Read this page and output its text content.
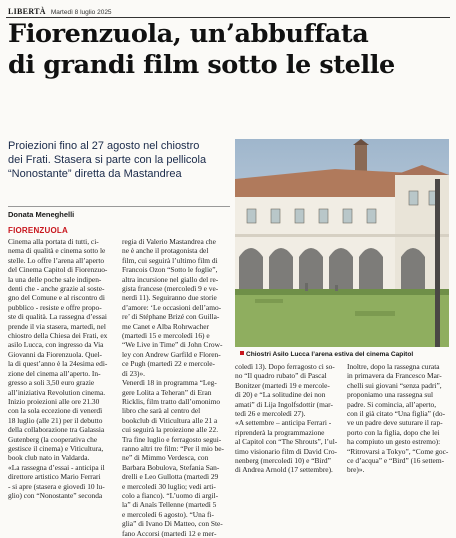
LIBERTÀ Martedì 8 luglio 2025
Fiorenzuola, un’abbuffata
di grandi film sotto le stelle
Proiezioni fino al 27 agosto nel chiostro
dei Frati. Stasera si parte con la pellicola
“Nonostante” diretta da Mastandrea
Donata Meneghelli
FIORENZUOLA
Cinema alla portata di tutti, ci-
nema di qualità e cinema sotto le
stelle. Lo offre l’arena all’aperto
del Cinema Capitol di Fiorenzuo-
la una delle poche sale indipen-
denti che - anche grazie al soste-
gno del Comune e al riscontro di
pubblico - resiste e offre propo-
ste di qualità. La rassegna d’essai
prende il via stasera, martedì, nel
chiostro della Chiesa dei Frati, ex
asilo Lucca, con ingresso da Via
Giovanni da Fiorenzuola. Quel-
la di quest’anno è la 24esima edi-
zione del cinema all’aperto. In-
gresso a soli 3,50 euro grazie
all’iniziativa Revolution cinema.
Inizio proiezioni alle ore 21.30
con la sola eccezione di venerdì
18 luglio (alle 21) per il debutto
della collaborazione tra Galassia
Gutenberg (la cooperativa che
gestisce il cinema) e Viticultura,
book club nato in Valdarda.
«La rassegna d’essai - anticipa il
direttore artistico Mario Ferrari
- si apre (stasera e giovedì 10 lu-
glio) con “Nonostante” seconda
Chiostri Asilo Lucca l’arena estiva del cinema Capitol
regia di Valerio Mastandrea che
ne è anche il protagonista del
film, cui seguirà l’ultimo film di
Francois Ozon “Sotto le foglie”,
altra incursione nel giallo del re-
gista francese (mercoledì 9 e ve-
nerdì 11). Seguiranno due storie
d’amore: ‘Le occasioni dell’amo-
re’ di Stéphane Brizé con Guilla-
me Canet e Alba Rohrwacher
(martedì 15 e mercoledì 16) e
“We Live in Time” di John Crow-
ley con Andrew Garfild e Floren-
ce Pugh (martedì 22 e mercole-
dì 23)».
Venerdì 18 in programma “Leg-
gere Lolita a Teheran” di Eran
Ricklis, film tratto dall’omonimo
libro che sarà al centro del
bookclub di Viticultura alle 21 a
cui seguirà la proiezione alle 22.
Tra fine luglio e ferragosto segui-
ranno altri tre film: “Per il mio be-
ne” di Mimmo Verdesca, con
Barbara Bobulova, Stefania San-
drelli e Leo Gullotta (martedì 29
e mercoledì 30 luglio; vedi arti-
colo a fianco). “L’uomo di argil-
la” di Anaïs Tellenne (martedì 5
e mercoledì 6 agosto). “Una fi-
glia” di Ivano Di Matteo, con Ste-
fano Accorsi (martedì 12 e mer-
coledì 13). Dopo ferragosto ci so-
no “Il quadro rubato” di Pascal
Bonitzer (martedì 19 e mercole-
dì 20) e “La solitudine dei non
amati” di Lija Ingolfsdottir (mar-
tedì 26 e mercoledì 27).
«A settembre – anticipa Ferrari -
riprenderà la programmazione
al Capitol con “The Shrouts”, l’ul-
timo visionario film di David Cro-
nenberg (mercoledì 10) e “Bird”
di Andrea Arnold (17 settembre).
Inoltre, dopo la rassegna curata
in primavera da Francesco Mar-
chelli sui giovani “senza padri”,
proponiamo una rassegna sul
padre. Si comincia, all’aperto,
con il già citato “Una figlia” (do-
ve un padre deve suturare il rap-
porto con la figlia, dopo che lei
ha compiuto un gesto estremo):
“Ritrovarsi a Tokyo”, “Come goc-
ce d’acqua” e “Bird” (16 settem-
bre)».
